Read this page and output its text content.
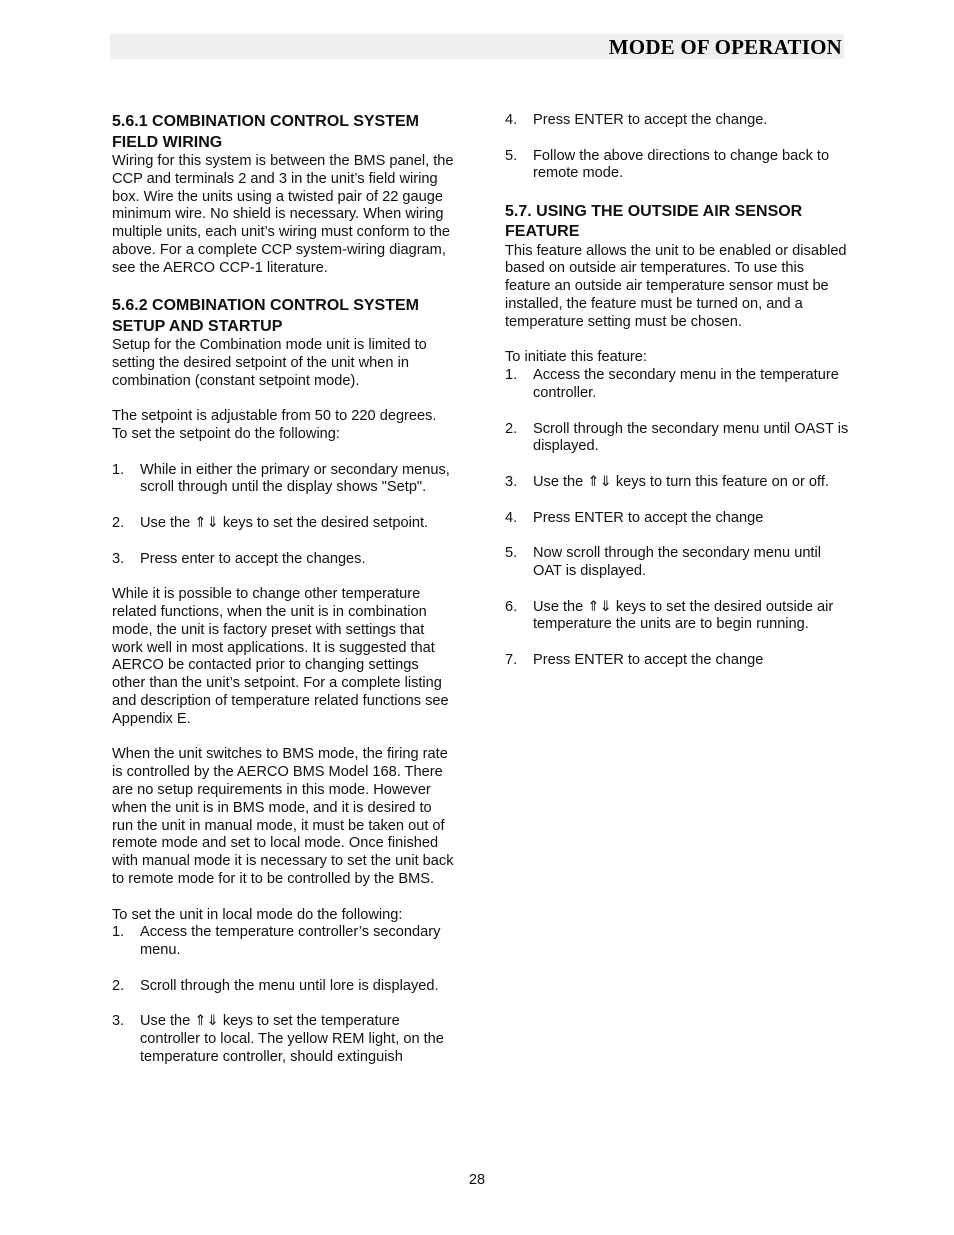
MODE OF OPERATION
5.6.1 COMBINATION CONTROL SYSTEM FIELD WIRING

Wiring for this system is between the BMS panel, the CCP and terminals 2 and 3 in the unit’s field wiring box. Wire the units using a twisted pair of 22 gauge minimum wire. No shield is necessary. When wiring multiple units, each unit’s wiring must conform to the above. For a complete CCP system-wiring diagram, see the AERCO CCP-1 literature.

5.6.2 COMBINATION CONTROL SYSTEM SETUP AND STARTUP

Setup for the Combination mode unit is limited to setting the desired setpoint of the unit when in combination (constant setpoint mode).

The setpoint is adjustable from 50 to 220 degrees. To set the setpoint do the following:

1. While in either the primary or secondary menus, scroll through until the display shows "Setp".
2. Use the ⇑⇓ keys to set the desired setpoint.
3. Press enter to accept the changes.

While it is possible to change other temperature related functions, when the unit is in combination mode, the unit is factory preset with settings that work well in most applications. It is suggested that AERCO be contacted prior to changing settings other than the unit’s setpoint. For a complete listing and description of temperature related functions see Appendix E.

When the unit switches to BMS mode, the firing rate is controlled by the AERCO BMS Model 168. There are no setup requirements in this mode. However when the unit is in BMS mode, and it is desired to run the unit in manual mode, it must be taken out of remote mode and set to local mode. Once finished with manual mode it is necessary to set the unit back to remote mode for it to be controlled by the BMS.

To set the unit in local mode do the following:

1. Access the temperature controller’s secondary menu.
2. Scroll through the menu until lore is displayed.
3. Use the ⇑⇓ keys to set the temperature controller to local. The yellow REM light, on the temperature controller, should extinguish
4. Press ENTER to accept the change.
5. Follow the above directions to change back to remote mode.
5.7. USING THE OUTSIDE AIR SENSOR FEATURE

This feature allows the unit to be enabled or disabled based on outside air temperatures. To use this feature an outside air temperature sensor must be installed, the feature must be turned on, and a temperature setting must be chosen.

To initiate this feature:

1. Access the secondary menu in the temperature controller.
2. Scroll through the secondary menu until OAST is displayed.
3. Use the ⇑⇓ keys to turn this feature on or off.
4. Press ENTER to accept the change
5. Now scroll through the secondary menu until OAT is displayed.
6. Use the ⇑⇓ keys to set the desired outside air temperature the units are to begin running.
7. Press ENTER to accept the change
28
